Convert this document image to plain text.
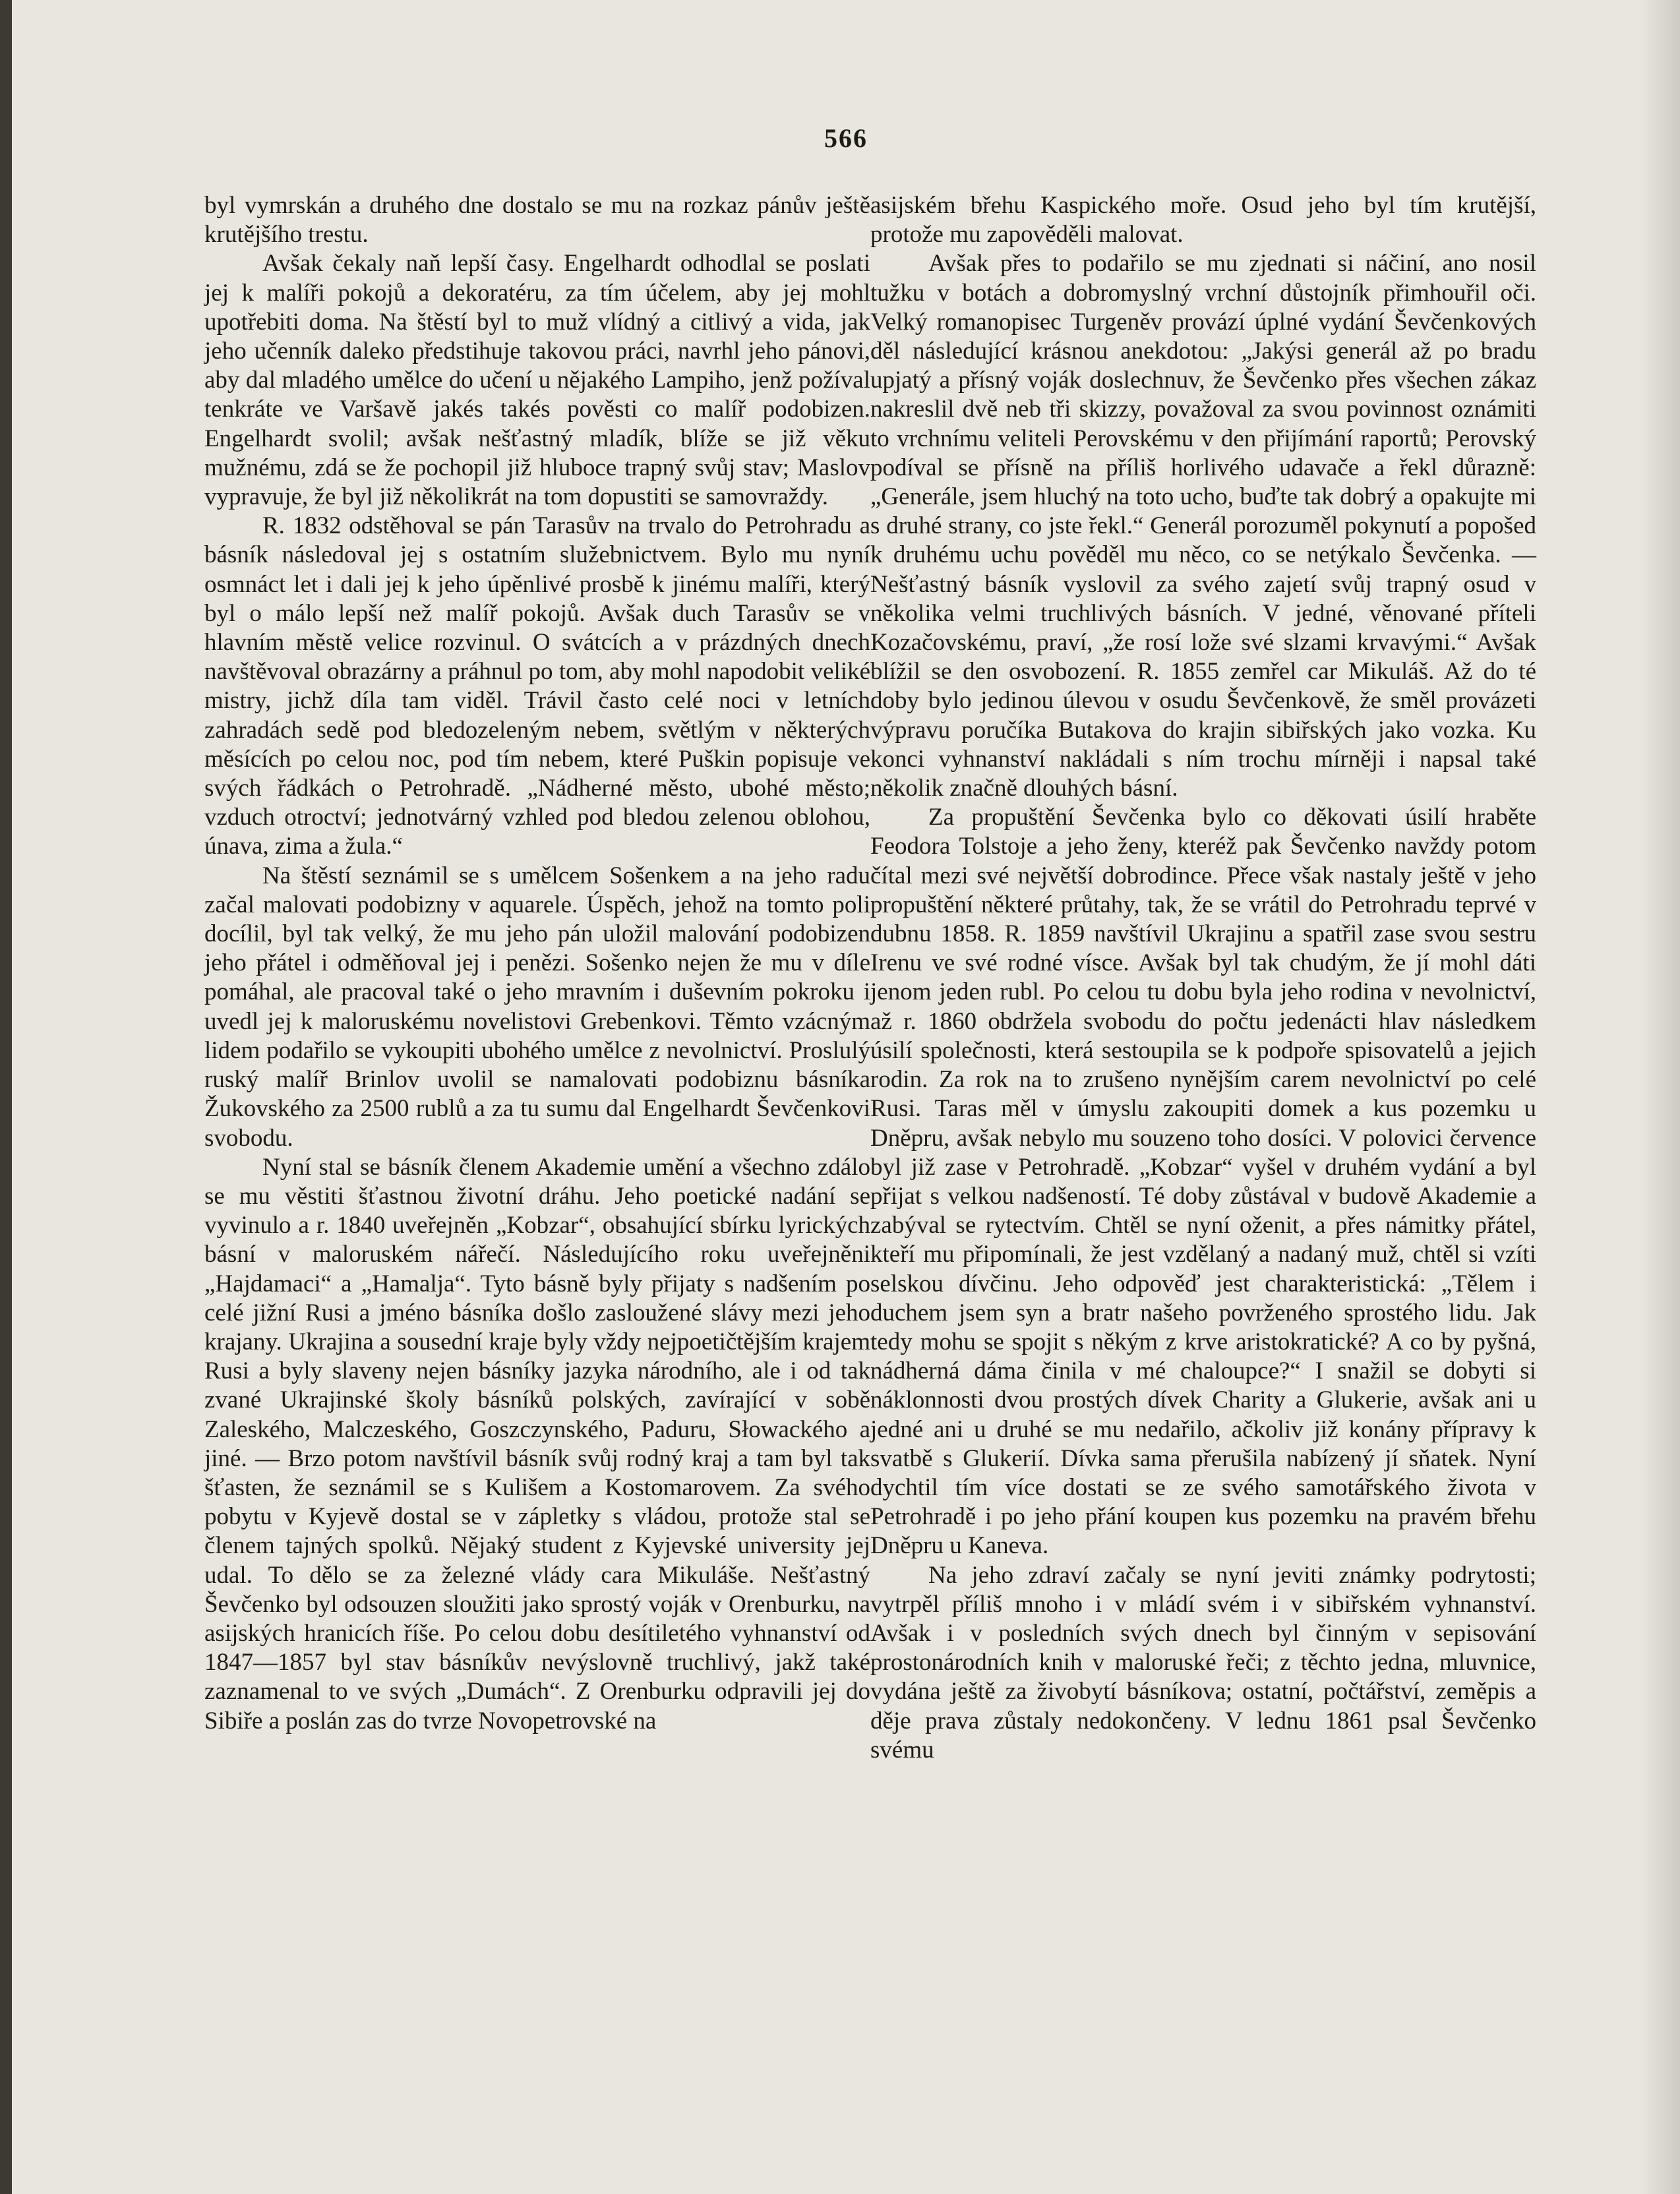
566

byl vymrskán a druhého dne dostalo se mu na rozkaz pánův ještě krutějšího trestu.

Avšak čekaly naň lepší časy. Engelhardt odhodlal se poslati jej k malíři pokojů a dekoratéru, za tím účelem, aby jej mohl upotřebiti doma. Na štěstí byl to muž vlídný a citlivý a vida, jak jeho učenník daleko předstihuje takovou práci, navrhl jeho pánovi, aby dal mladého umělce do učení u nějakého Lampiho, jenž požíval tenkráte ve Varšavě jakés takés pověsti co malíř podobizen. Engelhardt svolil; avšak nešťastný mladík, blíže se již věku mužnému, zdá se že pochopil již hluboce trapný svůj stav; Maslov vypravuje, že byl již několikrát na tom dopustiti se samovraždy.

R. 1832 odstěhoval se pán Tarasův na trvalo do Petrohradu a básník následoval jej s ostatním služebnictvem. Bylo mu nyní osmnáct let i dali jej k jeho úpěnlivé prosbě k jinému malíři, který byl o málo lepší než malíř pokojů. Avšak duch Tarasův se v hlavním městě velice rozvinul. O svátcích a v prázdných dnech navštěvoval obrazárny a práhnul po tom, aby mohl napodobit veliké mistry, jichž díla tam viděl. Trávil často celé noci v letních zahradách sedě pod bledozeleným nebem, světlým v některých měsících po celou noc, pod tím nebem, které Puškin popisuje ve svých řádkách o Petrohradě. „Nádherné město, ubohé město; vzduch otroctví; jednotvárný vzhled pod bledou zelenou oblohou, únava, zima a žula.“

Na štěstí seznámil se s umělcem Sošenkem a na jeho radu začal malovati podobizny v aquarele. Úspěch, jehož na tomto poli docílil, byl tak velký, že mu jeho pán uložil malování podobizen jeho přátel i odměňoval jej i penězi. Sošenko nejen že mu v díle pomáhal, ale pracoval také o jeho mravním i duševním pokroku i uvedl jej k maloruskému novelistovi Grebenkovi. Těmto vzácným lidem podařilo se vykoupiti ubohého umělce z nevolnictví. Proslulý ruský malíř Brinlov uvolil se namalovati podobiznu básníka Žukovského za 2500 rublů a za tu sumu dal Engelhardt Ševčenkovi svobodu.

Nyní stal se básník členem Akademie umění a všechno zdálo se mu věstiti šťastnou životní dráhu. Jeho poetické nadání se vyvinulo a r. 1840 uveřejněn „Kobzar“, obsahující sbírku lyrických básní v maloruském nářečí. Následujícího roku uveřejněni „Hajdamaci“ a „Hamalja“. Tyto básně byly přijaty s nadšením po celé jižní Rusi a jméno básníka došlo zasloužené slávy mezi jeho krajany. Ukrajina a sousední kraje byly vždy nejpoetičtějším krajem Rusi a byly slaveny nejen básníky jazyka národního, ale i od tak zvané Ukrajinské školy básníků polských, zavírající v sobě Zaleského, Malczeského, Goszczynského, Paduru, Słowackého a jiné. — Brzo potom navštívil básník svůj rodný kraj a tam byl tak šťasten, že seznámil se s Kulišem a Kostomarovem. Za svého pobytu v Kyjevě dostal se v zápletky s vládou, protože stal se členem tajných spolků. Nějaký student z Kyjevské university jej udal. To dělo se za železné vlády cara Mikuláše. Nešťastný Ševčenko byl odsouzen sloužiti jako sprostý voják v Orenburku, na asijských hranicích říše. Po celou dobu desítiletého vyhnanství od 1847—1857 byl stav básníkův nevýslovně truchlivý, jakž také zaznamenal to ve svých „Dumách“. Z Orenburku odpravili jej do Sibiře a poslán zas do tvrze Novopetrovské na

asijském břehu Kaspického moře. Osud jeho byl tím krutější, protože mu zapověděli malovat.

Avšak přes to podařilo se mu zjednati si náčiní, ano nosil tužku v botách a dobromyslný vrchní důstojník přimhouřil oči. Velký romanopisec Turgeněv provází úplné vydání Ševčenkových děl následující krásnou anekdotou: „Jakýsi generál až po bradu upjatý a přísný voják doslechnuv, že Ševčenko přes všechen zákaz nakreslil dvě neb tři skizzy, považoval za svou povinnost oznámiti to vrchnímu veliteli Perovskému v den přijímání raportů; Perovský podíval se přísně na příliš horlivého udavače a řekl důrazně: „Generále, jsem hluchý na toto ucho, buďte tak dobrý a opakujte mi s druhé strany, co jste řekl.“ Generál porozuměl pokynutí a popošed k druhému uchu pověděl mu něco, co se netýkalo Ševčenka. — Nešťastný básník vyslovil za svého zajetí svůj trapný osud v několika velmi truchlivých básních. V jedné, věnované příteli Kozačovskému, praví, „že rosí lože své slzami krvavými.“ Avšak blížil se den osvobození. R. 1855 zemřel car Mikuláš. Až do té doby bylo jedinou úlevou v osudu Ševčenkově, že směl provázeti výpravu poručíka Butakova do krajin sibiřských jako vozka. Ku konci vyhnanství nakládali s ním trochu mírněji i napsal také několik značně dlouhých básní.

Za propuštění Ševčenka bylo co děkovati úsilí hraběte Feodora Tolstoje a jeho ženy, kteréž pak Ševčenko navždy potom čítal mezi své největší dobrodince. Přece však nastaly ještě v jeho propuštění některé průtahy, tak, že se vrátil do Petrohradu teprvé v dubnu 1858. R. 1859 navštívil Ukrajinu a spatřil zase svou sestru Irenu ve své rodné vísce. Avšak byl tak chudým, že jí mohl dáti jenom jeden rubl. Po celou tu dobu byla jeho rodina v nevolnictví, až r. 1860 obdržela svobodu do počtu jedenácti hlav následkem úsilí společnosti, která sestoupila se k podpoře spisovatelů a jejich rodin. Za rok na to zrušeno nynějším carem nevolnictví po celé Rusi. Taras měl v úmyslu zakoupiti domek a kus pozemku u Dněpru, avšak nebylo mu souzeno toho dosíci. V polovici července byl již zase v Petrohradě. „Kobzar“ vyšel v druhém vydání a byl přijat s velkou nadšeností. Té doby zůstával v budově Akademie a zabýval se rytectvím. Chtěl se nyní oženit, a přes námitky přátel, kteří mu připomínali, že jest vzdělaný a nadaný muž, chtěl si vzíti selskou dívčinu. Jeho odpověď jest charakteristická: „Tělem i duchem jsem syn a bratr našeho povrženého sprostého lidu. Jak tedy mohu se spojit s někým z krve aristokratické? A co by pyšná, nádherná dáma činila v mé chaloupce?“ I snažil se dobyti si náklonnosti dvou prostých dívek Charity a Glukerie, avšak ani u jedné ani u druhé se mu nedařilo, ačkoliv již konány přípravy k svatbě s Glukerií. Dívka sama přerušila nabízený jí sňatek. Nyní dychtil tím více dostati se ze svého samotářského života v Petrohradě i po jeho přání koupen kus pozemku na pravém břehu Dněpru u Kaneva.

Na jeho zdraví začaly se nyní jeviti známky podrytosti; vytrpěl příliš mnoho i v mládí svém i v sibiřském vyhnanství. Avšak i v posledních svých dnech byl činným v sepisování prostonárodních knih v maloruské řeči; z těchto jedna, mluvnice, vydána ještě za živobytí básníkova; ostatní, počtářství, zeměpis a děje prava zůstaly nedokončeny. V lednu 1861 psal Ševčenko svému
